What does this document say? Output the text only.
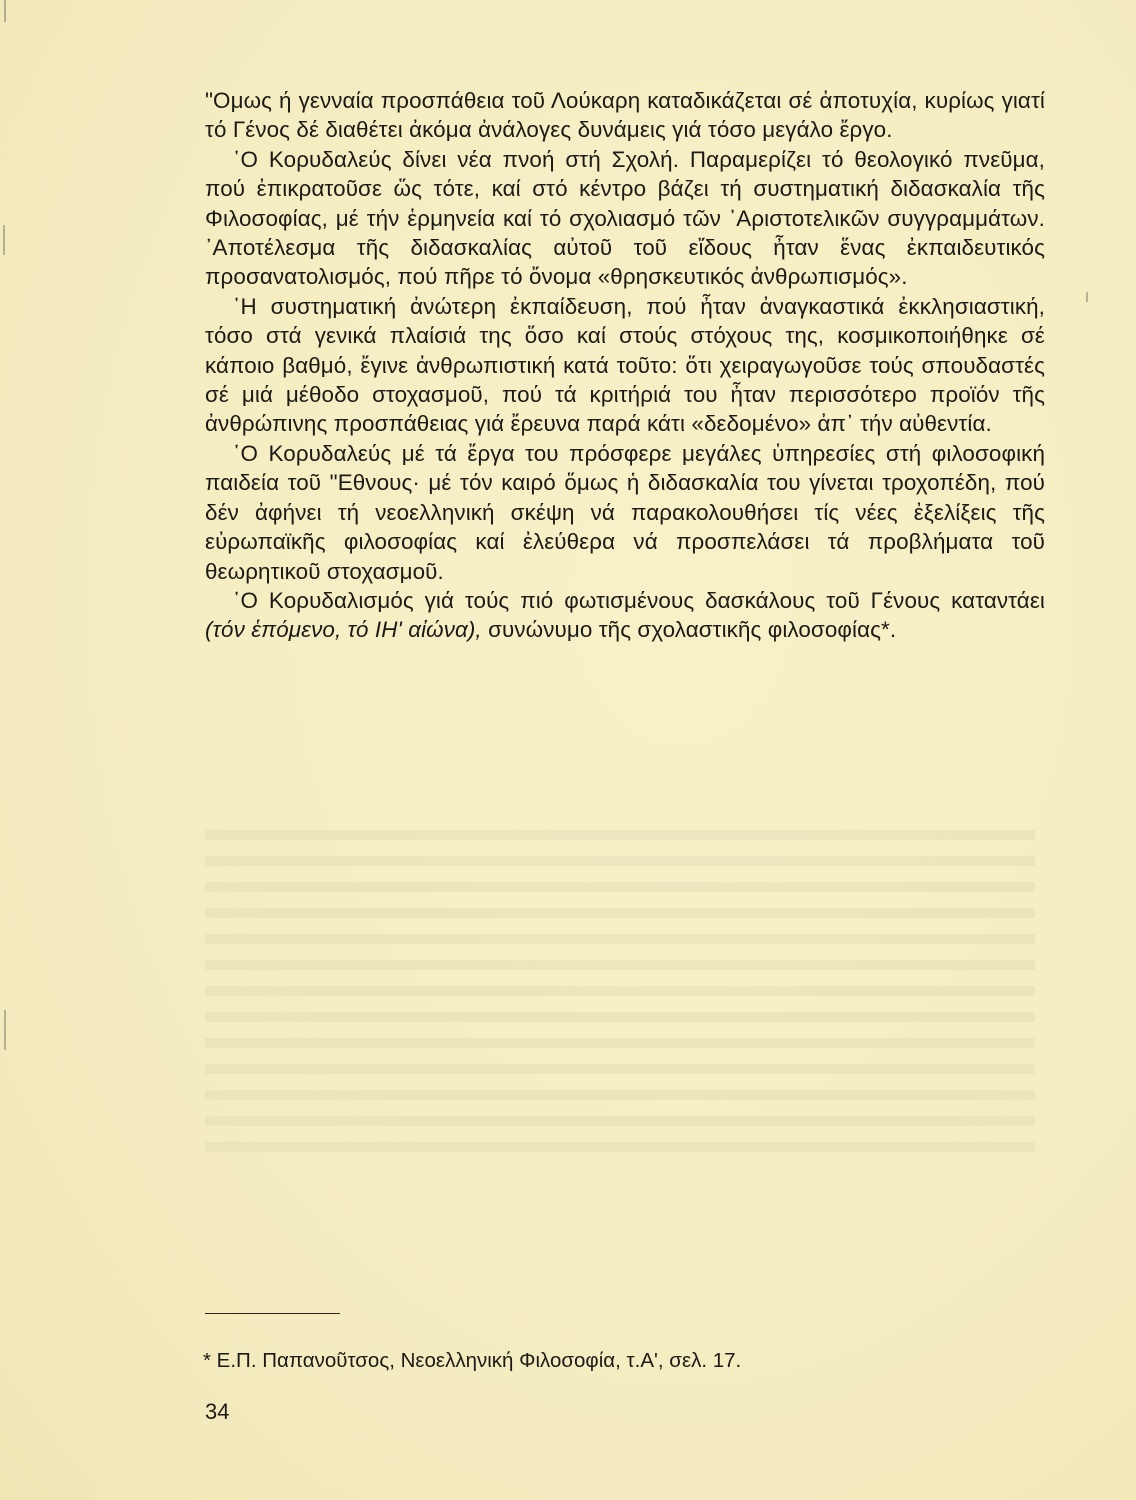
"Ομως ή γενναία προσπάθεια τοῦ Λούκαρη καταδικάζεται σέ ἀποτυχία, κυρίως γιατί τό Γένος δέ διαθέτει ἀκόμα ἀνάλογες δυνάμεις γιά τόσο μεγάλο ἔργο.

῾Ο Κορυδαλεύς δίνει νέα πνοή στή Σχολή. Παραμερίζει τό θεολογικό πνεῦμα, πού ἐπικρατοῦσε ὥς τότε, καί στό κέντρο βάζει τή συστηματική διδασκαλία τῆς Φιλοσοφίας, μέ τήν ἑρμηνεία καί τό σχολιασμό τῶν ᾿Αριστοτελικῶν συγγραμμάτων. ᾿Αποτέλεσμα τῆς διδασκαλίας αὐτοῦ τοῦ εἴδους ἦταν ἕνας ἐκπαιδευτικός προσανατολισμός, πού πῆρε τό ὄνομα «θρησκευτικός ἀνθρωπισμός».

῾Η συστηματική ἀνώτερη ἐκπαίδευση, πού ἦταν ἀναγκαστικά ἐκκλησιαστική, τόσο στά γενικά πλαίσιά της ὅσο καί στούς στόχους της, κοσμικοποιήθηκε σέ κάποιο βαθμό, ἔγινε ἀνθρωπιστική κατά τοῦτο: ὅτι χειραγωγοῦσε τούς σπουδαστές σέ μιά μέθοδο στοχασμοῦ, πού τά κριτήριά του ἦταν περισσότερο προϊόν τῆς ἀνθρώπινης προσπάθειας γιά ἔρευνα παρά κάτι «δεδομένο» ἀπ᾿ τήν αὐθεντία.

῾Ο Κορυδαλεύς μέ τά ἔργα του πρόσφερε μεγάλες ὑπηρεσίες στή φιλοσοφική παιδεία τοῦ "Εθνους· μέ τόν καιρό ὅμως ἡ διδασκαλία του γίνεται τροχοπέδη, πού δέν ἀφήνει τή νεοελληνική σκέψη νά παρακολουθήσει τίς νέες ἐξελίξεις τῆς εὐρωπαϊκῆς φιλοσοφίας καί ἐλεύθερα νά προσπελάσει τά προβλήματα τοῦ θεωρητικοῦ στοχασμοῦ.

῾Ο Κορυδαλισμός γιά τούς πιό φωτισμένους δασκάλους τοῦ Γένους καταντάει (τόν ἑπόμενο, τό ΙΗ' αἰώνα), συνώνυμο τῆς σχολαστικῆς φιλοσοφίας*.

* Ε.Π. Παπανοῦτσος, Νεοελληνική Φιλοσοφία, τ.Α', σελ. 17.
34
